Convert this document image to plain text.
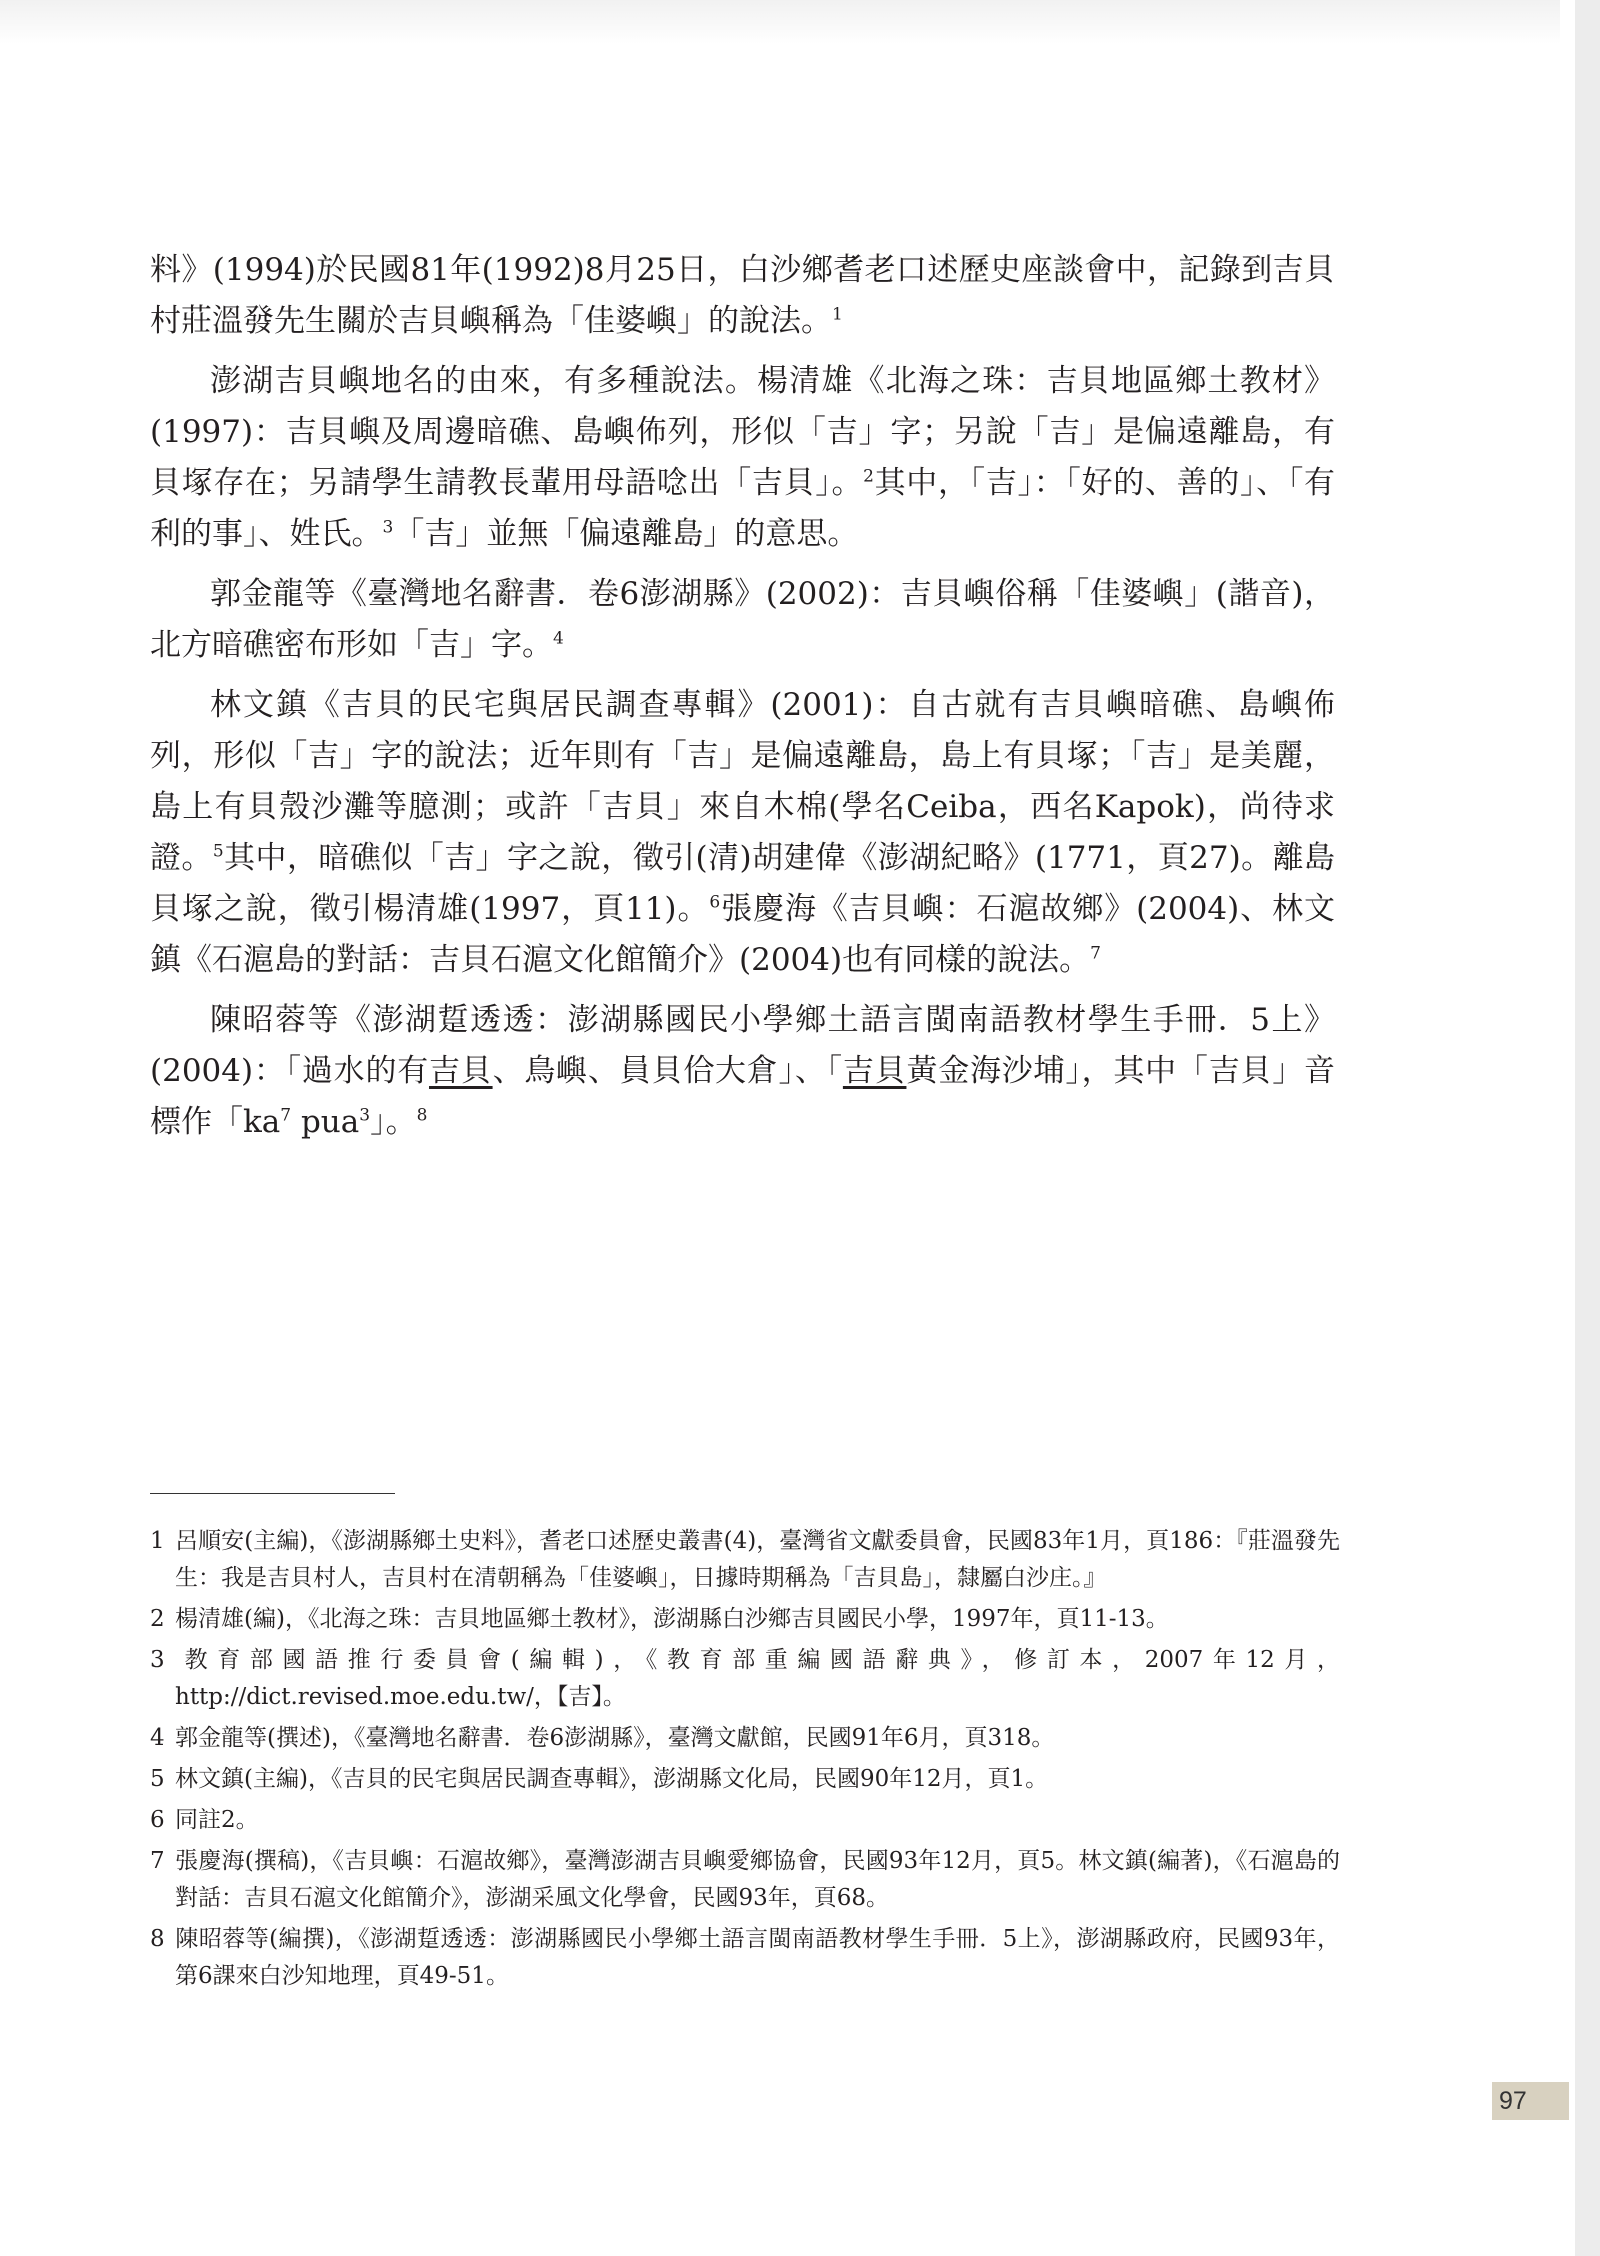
料》(1994)於民國81年(1992)8月25日，白沙鄉耆老口述歷史座談會中，記錄到吉貝村莊溫發先生關於吉貝嶼稱為「佳婆嶼」的說法。$^1$

澎湖吉貝嶼地名的由來，有多種說法。楊清雄《北海之珠：吉貝地區鄉土教材》(1997)：吉貝嶼及周邊暗礁、島嶼佈列，形似「吉」字；另說「吉」是偏遠離島，有貝塚存在；另請學生請教長輩用母語唸出「吉貝」。$^2$其中，「吉」：「好的、善的」、「有利的事」、姓氏。$^3$「吉」並無「偏遠離島」的意思。

郭金龍等《臺灣地名辭書．卷6澎湖縣》(2002)：吉貝嶼俗稱「佳婆嶼」(諧音)，北方暗礁密布形如「吉」字。$^4$

林文鎮《吉貝的民宅與居民調查專輯》(2001)：自古就有吉貝嶼暗礁、島嶼佈列，形似「吉」字的說法；近年則有「吉」是偏遠離島，島上有貝塚；「吉」是美麗，島上有貝殼沙灘等臆測；或許「吉貝」來自木棉(學名Ceiba，西名Kapok)，尚待求證。$^5$其中，暗礁似「吉」字之說，徵引(清)胡建偉《澎湖紀略》(1771，頁27)。離島貝塚之說，徵引楊清雄(1997，頁11)。$^6$張慶海《吉貝嶼：石滬故鄉》(2004)、林文鎮《石滬島的對話：吉貝石滬文化館簡介》(2004)也有同樣的說法。$^7$

陳昭蓉等《澎湖踅透透：澎湖縣國民小學鄉土語言閩南語教材學生手冊．5上》(2004)：「過水的有吉貝、鳥嶼、員貝佮大倉」、「吉貝黃金海沙埔」，其中「吉貝」音標作「$ka^7$ pua$^3$」。$^8$

1 呂順安(主編)，《澎湖縣鄉土史料》，耆老口述歷史叢書(4)，臺灣省文獻委員會，民國83年1月，頁186：『莊溫發先生：我是吉貝村人，吉貝村在清朝稱為「佳婆嶼」，日據時期稱為「吉貝島」，隸屬白沙庄。』

2 楊清雄(編)，《北海之珠：吉貝地區鄉土教材》，澎湖縣白沙鄉吉貝國民小學，1997年，頁11-13。

3 教育部國語推行委員會(編輯)，《教育部重編國語辭典》，修訂本，2007年12月，http://dict.revised.moe.edu.tw/，【吉】。

4 郭金龍等(撰述)，《臺灣地名辭書．卷6澎湖縣》，臺灣文獻館，民國91年6月，頁318。

5 林文鎮(主編)，《吉貝的民宅與居民調查專輯》，澎湖縣文化局，民國90年12月，頁1。

6 同註2。

7 張慶海(撰稿)，《吉貝嶼：石滬故鄉》，臺灣澎湖吉貝嶼愛鄉協會，民國93年12月，頁5。林文鎮(編著)，《石滬島的對話：吉貝石滬文化館簡介》，澎湖采風文化學會，民國93年，頁68。

8 陳昭蓉等(編撰)，《澎湖踅透透：澎湖縣國民小學鄉土語言閩南語教材學生手冊．5上》，澎湖縣政府，民國93年，第6課來白沙知地理，頁49-51。

97
